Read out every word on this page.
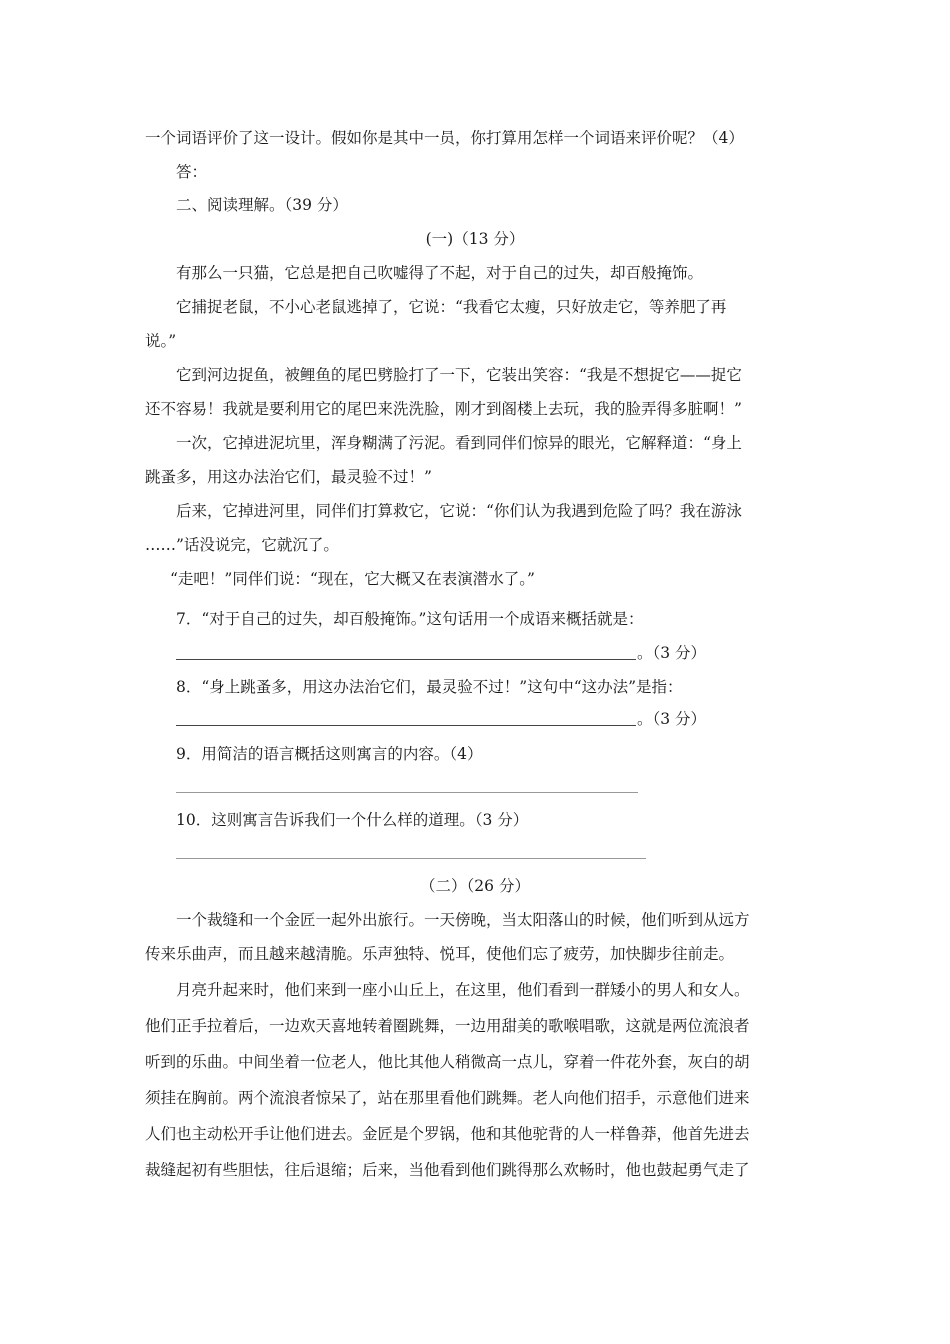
一个词语评价了这一设计。假如你是其中一员，你打算用怎样一个词语来评价呢？（4）
答：
二、阅读理解。（39 分）
(一)（13 分）
有那么一只猫，它总是把自己吹嘘得了不起，对于自己的过失，却百般掩饰。
它捕捉老鼠，不小心老鼠逃掉了，它说：“我看它太瘦，只好放走它，等养肥了再
说。”
它到河边捉鱼，被鲤鱼的尾巴劈脸打了一下，它装出笑容：“我是不想捉它——捉它
还不容易！我就是要利用它的尾巴来洗洗脸，刚才到阁楼上去玩，我的脸弄得多脏啊！”
一次，它掉进泥坑里，浑身糊满了污泥。看到同伴们惊异的眼光，它解释道：“身上
跳蚤多，用这办法治它们，最灵验不过！”
后来，它掉进河里，同伴们打算救它，它说：“你们认为我遇到危险了吗？我在游泳
……”话没说完，它就沉了。
“走吧！”同伴们说：“现在，它大概又在表演潜水了。”
7．“对于自己的过失，却百般掩饰。”这句话用一个成语来概括就是：
。（3 分）
8．“身上跳蚤多，用这办法治它们，最灵验不过！”这句中“这办法”是指：
。（3 分）
9．用简洁的语言概括这则寓言的内容。（4）
10．这则寓言告诉我们一个什么样的道理。（3 分）
（二）（26 分）
一个裁缝和一个金匠一起外出旅行。一天傍晚，当太阳落山的时候，他们听到从远方
传来乐曲声，而且越来越清脆。乐声独特、悦耳，使他们忘了疲劳，加快脚步往前走。
月亮升起来时，他们来到一座小山丘上，在这里，他们看到一群矮小的男人和女人。
他们正手拉着后，一边欢天喜地转着圈跳舞，一边用甜美的歌喉唱歌，这就是两位流浪者
听到的乐曲。中间坐着一位老人，他比其他人稍微高一点儿，穿着一件花外套，灰白的胡
须挂在胸前。两个流浪者惊呆了，站在那里看他们跳舞。老人向他们招手，示意他们进来
人们也主动松开手让他们进去。金匠是个罗锅，他和其他驼背的人一样鲁莽，他首先进去
裁缝起初有些胆怯，往后退缩；后来，当他看到他们跳得那么欢畅时，他也鼓起勇气走了
